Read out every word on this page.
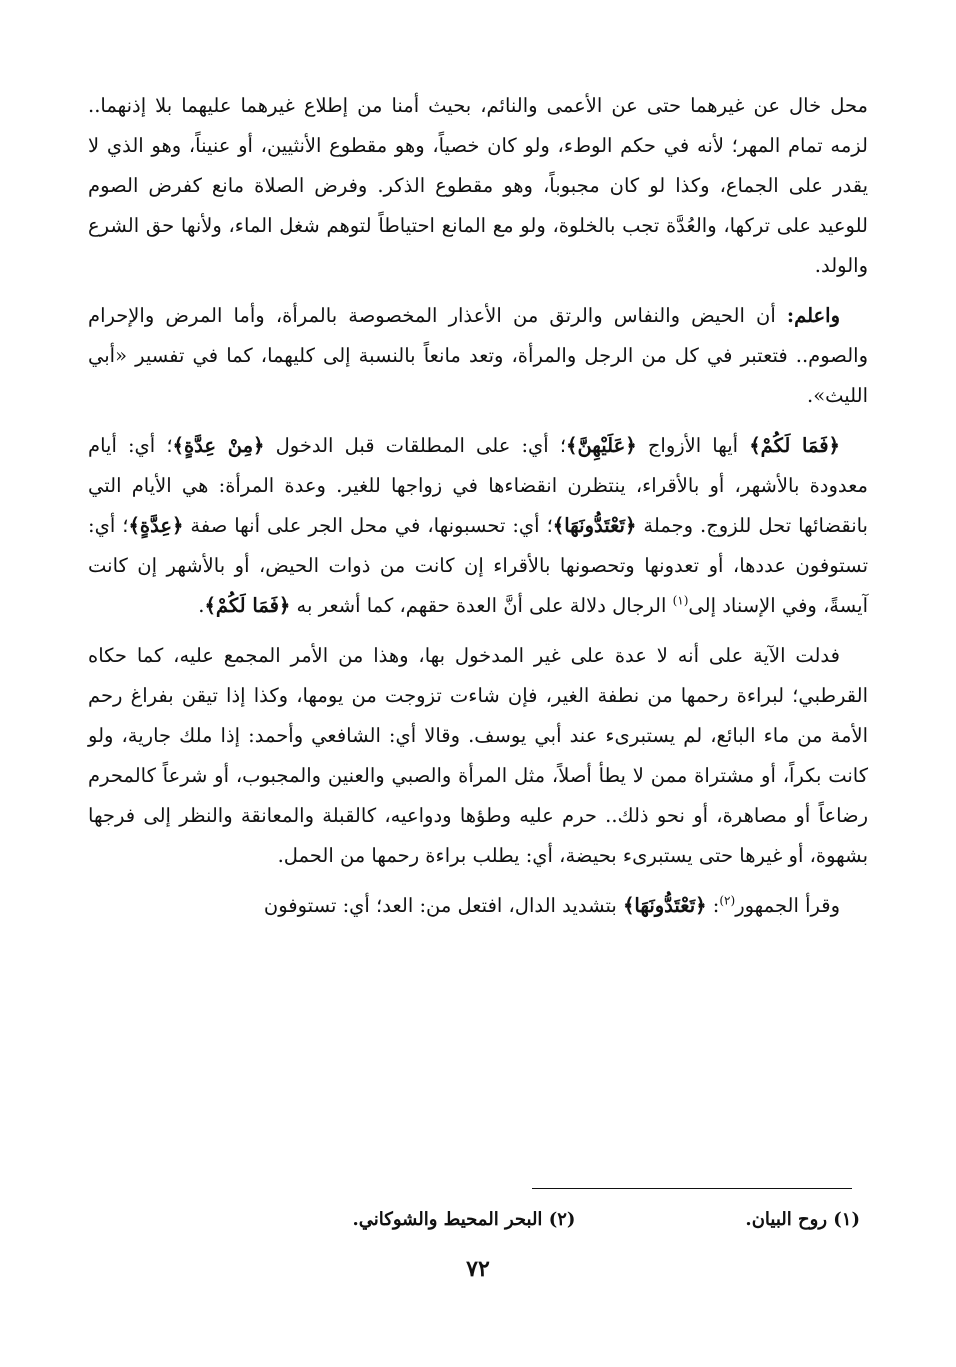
محل خال عن غيرهما حتى عن الأعمى والنائم، بحيث أمنا من إطلاع غيرهما عليهما بلا إذنهما.. لزمه تمام المهر؛ لأنه في حكم الوطء، ولو كان خصياً، وهو مقطوع الأنثيين، أو عنيناً، وهو الذي لا يقدر على الجماع، وكذا لو كان مجبوباً، وهو مقطوع الذكر. وفرض الصلاة مانع كفرض الصوم للوعيد على تركها، والعُدَّة تجب بالخلوة، ولو مع المانع احتياطاً لتوهم شغل الماء، ولأنها حق الشرع والولد.

واعلم: أن الحيض والنفاس والرتق من الأعذار المخصوصة بالمرأة، وأما المرض والإحرام والصوم.. فتعتبر في كل من الرجل والمرأة، وتعد مانعاً بالنسبة إلى كليهما، كما في تفسير «أبي الليث».

﴿فَمَا لَكُمْ﴾ أيها الأزواج ﴿عَلَيْهِنَّ﴾؛ أي: على المطلقات قبل الدخول ﴿مِنْ عِدَّةٍ﴾؛ أي: أيام معدودة بالأشهر، أو بالأقراء، ينتظرن انقضاءها في زواجها للغير. وعدة المرأة: هي الأيام التي بانقضائها تحل للزوج. وجملة ﴿تَعْتَدُّونَهَا﴾؛ أي: تحسبونها، في محل الجر على أنها صفة ﴿عِدَّةٍ﴾؛ أي: تستوفون عددها، أو تعدونها وتحصونها بالأقراء إن كانت من ذوات الحيض، أو بالأشهر إن كانت آيسةً، وفي الإسناد إلى$^{(١)}$ الرجال دلالة على أنَّ العدة حقهم، كما أشعر به ﴿فَمَا لَكُمْ﴾.

فدلت الآية على أنه لا عدة على غير المدخول بها، وهذا من الأمر المجمع عليه، كما حكاه القرطبي؛ لبراءة رحمها من نطفة الغير، فإن شاءت تزوجت من يومها، وكذا إذا تيقن بفراغ رحم الأمة من ماء البائع، لم يستبرىء عند أبي يوسف. وقالا أي: الشافعي وأحمد: إذا ملك جارية، ولو كانت بكراً، أو مشتراة ممن لا يطأ أصلاً، مثل المرأة والصبي والعنين والمجبوب، أو شرعاً كالمحرم رضاعاً أو مصاهرة، أو نحو ذلك.. حرم عليه وطؤها ودواعيه، كالقبلة والمعانقة والنظر إلى فرجها بشهوة، أو غيرها حتى يستبرىء بحيضة، أي: يطلب براءة رحمها من الحمل.

وقرأ الجمهور$^{(٢)}$: ﴿تَعْتَدُّونَهَا﴾ بتشديد الدال، افتعل من: العد؛ أي: تستوفون

(١) روح البيان.
(٢) البحر المحيط والشوكاني.
٧٢
